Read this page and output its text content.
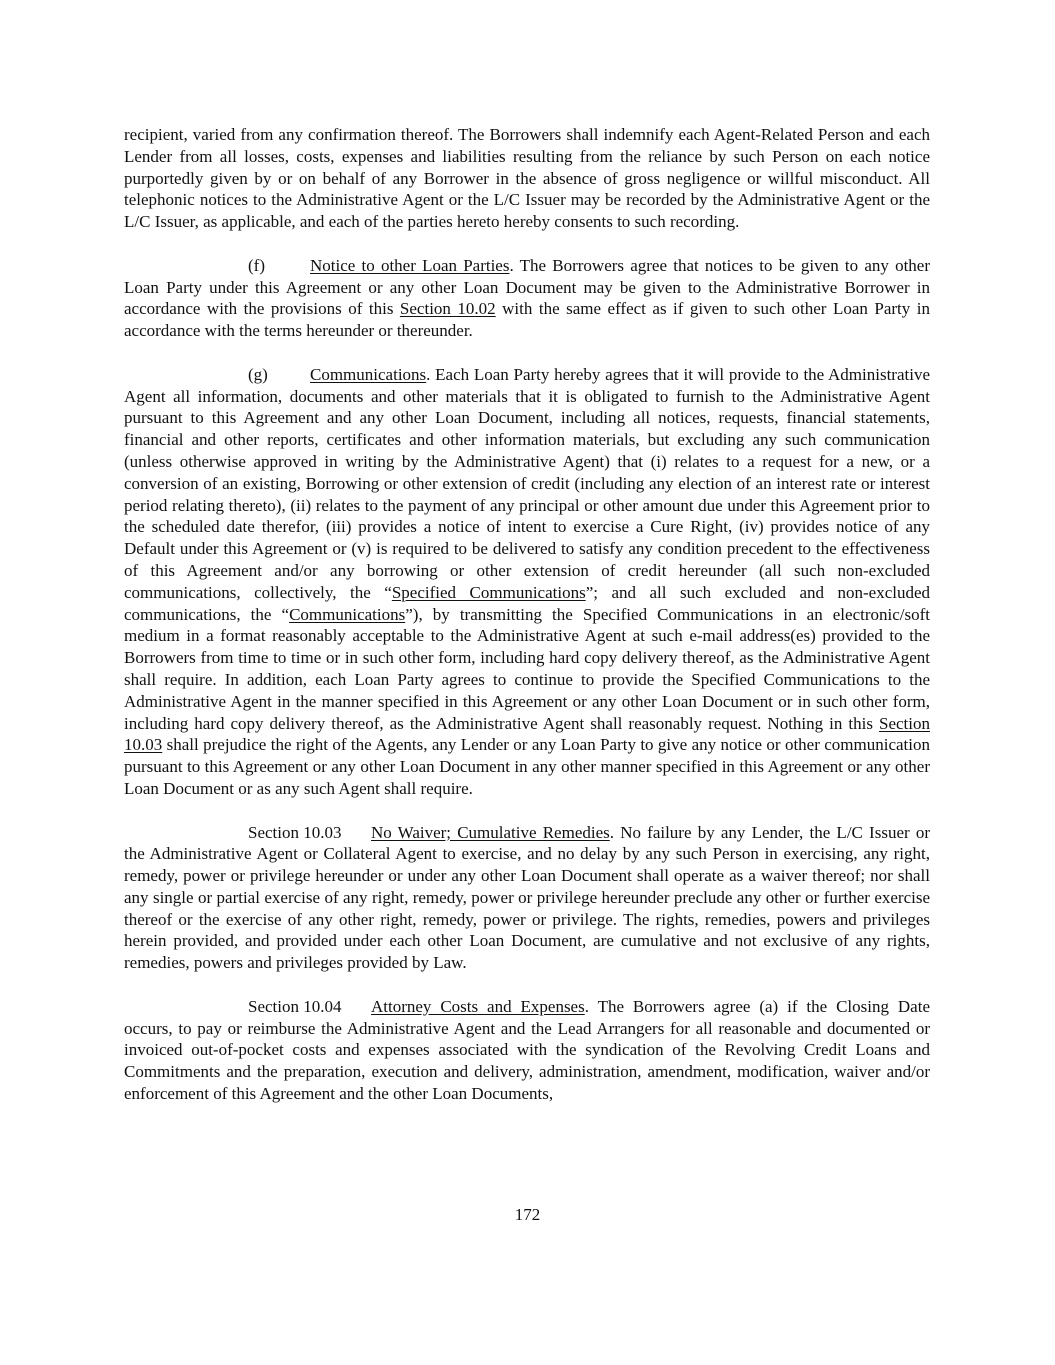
recipient, varied from any confirmation thereof. The Borrowers shall indemnify each Agent-Related Person and each Lender from all losses, costs, expenses and liabilities resulting from the reliance by such Person on each notice purportedly given by or on behalf of any Borrower in the absence of gross negligence or willful misconduct. All telephonic notices to the Administrative Agent or the L/C Issuer may be recorded by the Administrative Agent or the L/C Issuer, as applicable, and each of the parties hereto hereby consents to such recording.

(f)	Notice to other Loan Parties. The Borrowers agree that notices to be given to any other Loan Party under this Agreement or any other Loan Document may be given to the Administrative Borrower in accordance with the provisions of this Section 10.02 with the same effect as if given to such other Loan Party in accordance with the terms hereunder or thereunder.

(g) Communications. Each Loan Party hereby agrees that it will provide to the Administrative Agent all information, documents and other materials that it is obligated to furnish to the Administrative Agent pursuant to this Agreement and any other Loan Document, including all notices, requests, financial statements, financial and other reports, certificates and other information materials, but excluding any such communication (unless otherwise approved in writing by the Administrative Agent) that (i) relates to a request for a new, or a conversion of an existing, Borrowing or other extension of credit (including any election of an interest rate or interest period relating thereto), (ii) relates to the payment of any principal or other amount due under this Agreement prior to the scheduled date therefor, (iii) provides a notice of intent to exercise a Cure Right, (iv) provides notice of any Default under this Agreement or (v) is required to be delivered to satisfy any condition precedent to the effectiveness of this Agreement and/or any borrowing or other extension of credit hereunder (all such non-excluded communications, collectively, the “Specified Communications”; and all such excluded and non-excluded communications, the “Communications”), by transmitting the Specified Communications in an electronic/soft medium in a format reasonably acceptable to the Administrative Agent at such e-mail address(es) provided to the Borrowers from time to time or in such other form, including hard copy delivery thereof, as the Administrative Agent shall require. In addition, each Loan Party agrees to continue to provide the Specified Communications to the Administrative Agent in the manner specified in this Agreement or any other Loan Document or in such other form, including hard copy delivery thereof, as the Administrative Agent shall reasonably request. Nothing in this Section 10.03 shall prejudice the right of the Agents, any Lender or any Loan Party to give any notice or other communication pursuant to this Agreement or any other Loan Document in any other manner specified in this Agreement or any other Loan Document or as any such Agent shall require.

Section 10.03 No Waiver; Cumulative Remedies. No failure by any Lender, the L/C Issuer or the Administrative Agent or Collateral Agent to exercise, and no delay by any such Person in exercising, any right, remedy, power or privilege hereunder or under any other Loan Document shall operate as a waiver thereof; nor shall any single or partial exercise of any right, remedy, power or privilege hereunder preclude any other or further exercise thereof or the exercise of any other right, remedy, power or privilege. The rights, remedies, powers and privileges herein provided, and provided under each other Loan Document, are cumulative and not exclusive of any rights, remedies, powers and privileges provided by Law.

Section 10.04 Attorney Costs and Expenses. The Borrowers agree (a) if the Closing Date occurs, to pay or reimburse the Administrative Agent and the Lead Arrangers for all reasonable and documented or invoiced out-of-pocket costs and expenses associated with the syndication of the Revolving Credit Loans and Commitments and the preparation, execution and delivery, administration, amendment, modification, waiver and/or enforcement of this Agreement and the other Loan Documents,

172
